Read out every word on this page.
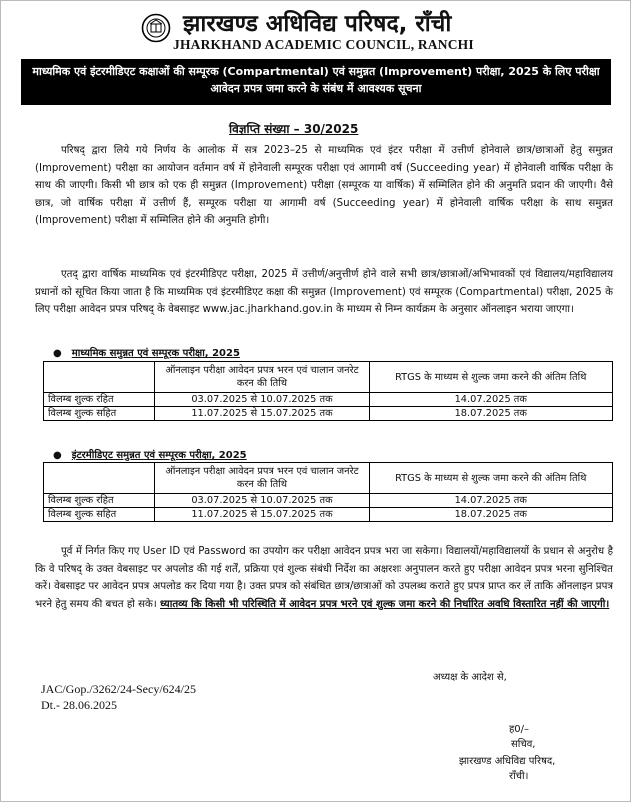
झारखण्ड अधिविद्य परिषद, राँची
JHARKHAND ACADEMIC COUNCIL, RANCHI
माध्यमिक एवं इंटरमीडिएट कक्षाओं की सम्पूरक (Compartmental) एवं समुन्नत (Improvement) परीक्षा, 2025 के लिए परीक्षा आवेदन प्रपत्र जमा करने के संबंध में आवश्यक सूचना
विज्ञप्ति संख्या – 30/2025
परिषद् द्वारा लिये गये निर्णय के आलोक में सत्र 2023–25 से माध्यमिक एवं इंटर परीक्षा में उत्तीर्ण होनेवाले छात्र/छात्राओं हेतु समुन्नत (Improvement) परीक्षा का आयोजन वर्तमान वर्ष में होनेवाली सम्पूरक परीक्षा एवं आगामी वर्ष (Succeeding year) में होनेवाली वार्षिक परीक्षा के साथ की जाएगी। किसी भी छात्र को एक ही समुन्नत (Improvement) परीक्षा (सम्पूरक या वार्षिक) में सम्मिलित होने की अनुमति प्रदान की जाएगी। वैसे छात्र, जो वार्षिक परीक्षा में उत्तीर्ण हैं, सम्पूरक परीक्षा या आगामी वर्ष (Succeeding year) में होनेवाली वार्षिक परीक्षा के साथ समुन्नत (Improvement) परीक्षा में सम्मिलित होने की अनुमति होगी।
एतद् द्वारा वार्षिक माध्यमिक एवं इंटरमीडिएट परीक्षा, 2025 में उत्तीर्ण/अनुत्तीर्ण होने वाले सभी छात्र/छात्राओं/अभिभावकों एवं विद्यालय/महाविद्यालय प्रधानों को सूचित किया जाता है कि माध्यमिक एवं इंटरमीडिएट कक्षा की समुन्नत (Improvement) एवं सम्पूरक (Compartmental) परीक्षा, 2025 के लिए परीक्षा आवेदन प्रपत्र परिषद् के वेबसाइट www.jac.jharkhand.gov.in के माध्यम से निम्न कार्यक्रम के अनुसार ऑनलाइन भराया जाएगा।
● माध्यमिक समुन्नत एवं सम्पूरक परीक्षा, 2025
	ऑनलाइन परीक्षा आवेदन प्रपत्र भरन एवं चालान जनरेट करन की तिथि	RTGS के माध्यम से शुल्क जमा करने की अंतिम तिथि
विलम्ब शुल्क रहित	03.07.2025 से 10.07.2025 तक	14.07.2025 तक
विलम्ब शुल्क सहित	11.07.2025 से 15.07.2025 तक	18.07.2025 तक
● इंटरमीडिएट समुन्नत एवं सम्पूरक परीक्षा, 2025
	ऑनलाइन परीक्षा आवेदन प्रपत्र भरन एवं चालान जनरेट करन की तिथि	RTGS के माध्यम से शुल्क जमा करने की अंतिम तिथि
विलम्ब शुल्क रहित	03.07.2025 से 10.07.2025 तक	14.07.2025 तक
विलम्ब शुल्क सहित	11.07.2025 से 15.07.2025 तक	18.07.2025 तक
पूर्व में निर्गत किए गए User ID एवं Password का उपयोग कर परीक्षा आवेदन प्रपत्र भरा जा सकेगा। विद्यालयों/महाविद्यालयों के प्रधान से अनुरोध है कि वे परिषद् के उक्त वेबसाइट पर अपलोड की गई शर्तें, प्रक्रिया एवं शुल्क संबंधी निर्देश का अक्षरशः अनुपालन करते हुए परीक्षा आवेदन प्रपत्र भरना सुनिश्चित करें। वेबसाइट पर आवेदन प्रपत्र अपलोड कर दिया गया है। उक्त प्रपत्र को संबंधित छात्र/छात्राओं को उपलब्ध कराते हुए प्रपत्र प्राप्त कर लें ताकि ऑनलाइन प्रपत्र भरने हेतु समय की बचत हो सके। ध्यातव्य कि किसी भी परिस्थिति में आवेदन प्रपत्र भरने एवं शुल्क जमा करने की निर्धारित अवधि विस्तारित नहीं की जाएगी।
JAC/Gop./3262/24-Secy/624/25
Dt.- 28.06.2025
अध्यक्ष के आदेश से,
ह0/–
सचिव,
झारखण्ड अधिविद्य परिषद,
राँची।
